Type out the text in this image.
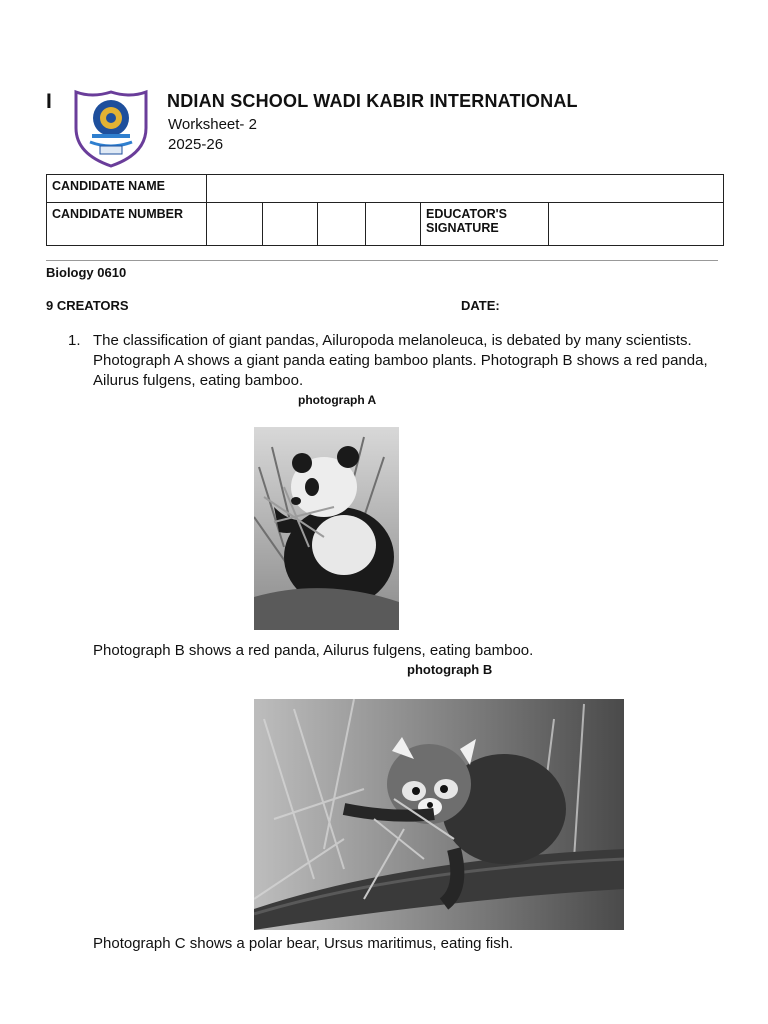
I	NDIAN SCHOOL WADI KABIR INTERNATIONAL
Worksheet- 2
2025-26
CANDIDATE NAME						
CANDIDATE NUMBER					EDUCATOR'S SIGNATURE	
Biology 0610
9 CREATORS	DATE:
1. The classification of giant pandas, Ailuropoda melanoleuca, is debated by many scientists. Photograph A shows a giant panda eating bamboo plants. Photograph B shows a red panda, Ailurus fulgens, eating bamboo.
photograph A
Photograph B shows a red panda, Ailurus fulgens, eating bamboo.
photograph B
Photograph C shows a polar bear, Ursus maritimus, eating fish.
